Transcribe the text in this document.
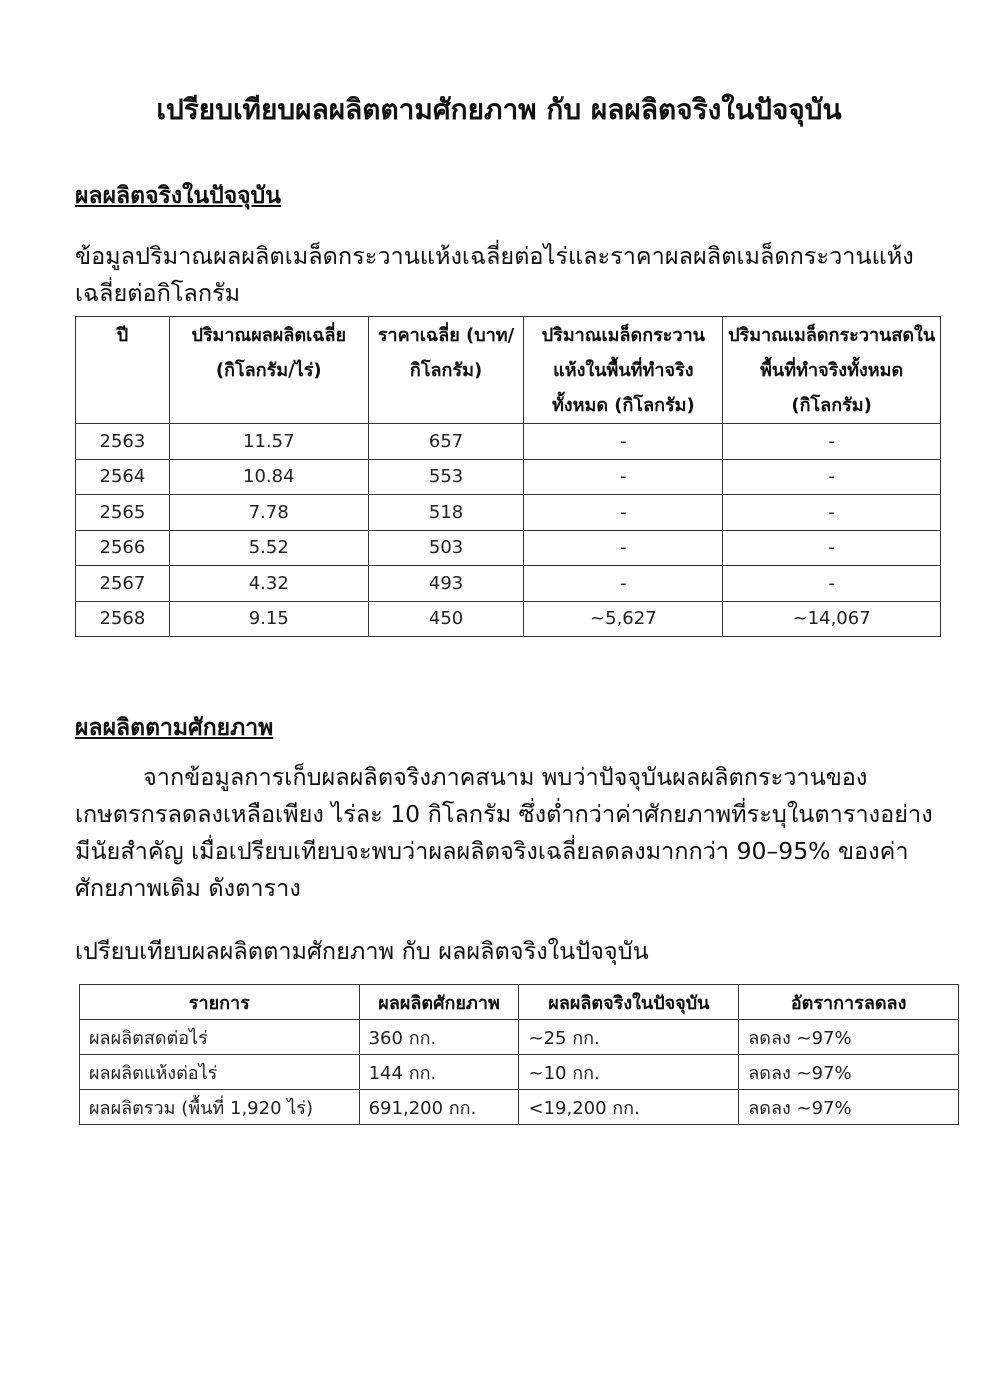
เปรียบเทียบผลผลิตตามศักยภาพ กับ ผลผลิตจริงในปัจจุบัน
ผลผลิตจริงในปัจจุบัน

ข้อมูลปริมาณผลผลิตเมล็ดกระวานแห้งเฉลี่ยต่อไร่และราคาผลผลิตเมล็ดกระวานแห้งเฉลี่ยต่อกิโลกรัม

ปี	ปริมาณผลผลิตเฉลี่ย (กิโลกรัม/ไร่)	ราคาเฉลี่ย (บาท/กิโลกรัม)	ปริมาณเมล็ดกระวานแห้งในพื้นที่ทำจริงทั้งหมด (กิโลกรัม)	ปริมาณเมล็ดกระวานสดในพื้นที่ทำจริงทั้งหมด (กิโลกรัม)
2563	11.57	657	-	-
2564	10.84	553	-	-
2565	7.78	518	-	-
2566	5.52	503	-	-
2567	4.32	493	-	-
2568	9.15	450	~5,627	~14,067
ผลผลิตตามศักยภาพ

จากข้อมูลการเก็บผลผลิตจริงภาคสนาม พบว่าปัจจุบันผลผลิตกระวานของเกษตรกรลดลงเหลือเพียง ไร่ละ 10 กิโลกรัม ซึ่งต่ำกว่าค่าศักยภาพที่ระบุในตารางอย่างมีนัยสำคัญ เมื่อเปรียบเทียบจะพบว่าผลผลิตจริงเฉลี่ยลดลงมากกว่า 90–95% ของค่าศักยภาพเดิม ดังตาราง

เปรียบเทียบผลผลิตตามศักยภาพ กับ ผลผลิตจริงในปัจจุบัน

รายการ	ผลผลิตศักยภาพ	ผลผลิตจริงในปัจจุบัน	อัตราการลดลง
ผลผลิตสดต่อไร่	360 กก.	~25 กก.	ลดลง ~97%
ผลผลิตแห้งต่อไร่	144 กก.	~10 กก.	ลดลง ~97%
ผลผลิตรวม (พื้นที่ 1,920 ไร่)	691,200 กก.	<19,200 กก.	ลดลง ~97%
